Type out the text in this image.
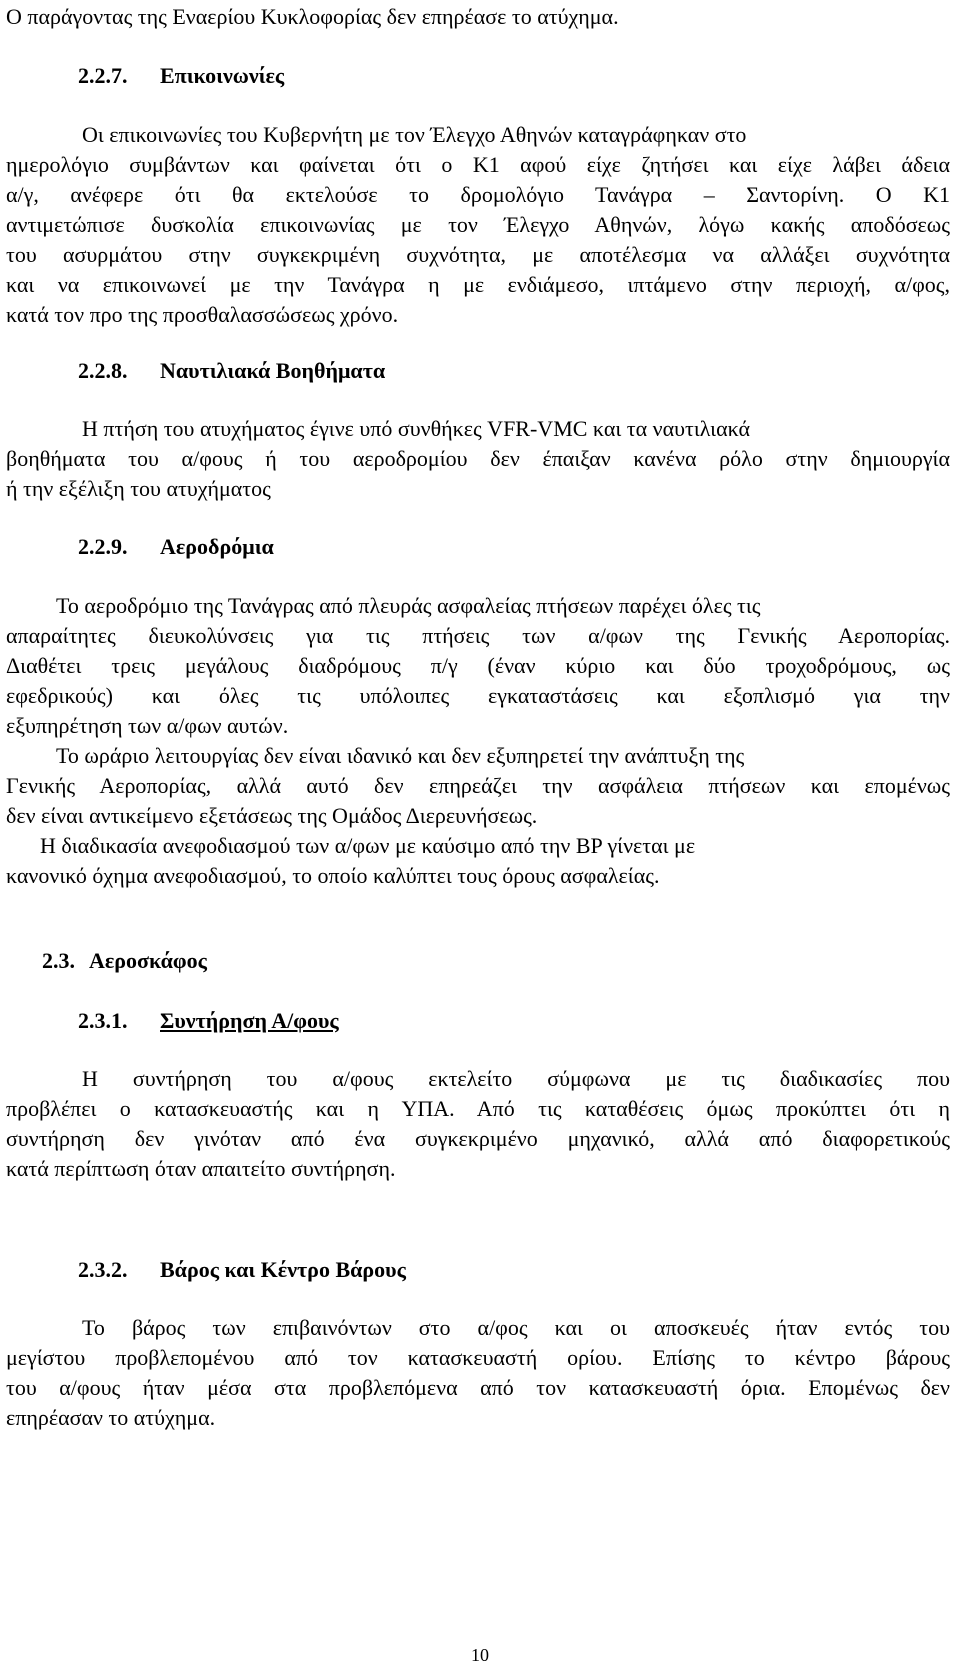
Ο παράγοντας της Εναερίου Κυκλοφορίας δεν επηρέασε το ατύχημα.
2.2.7. Επικοινωνίες
Οι επικοινωνίες του Κυβερνήτη με τον Έλεγχο Αθηνών καταγράφηκαν στο
ημερολόγιο συμβάντων και φαίνεται ότι ο Κ1 αφού είχε ζητήσει και είχε λάβει άδεια
α/γ, ανέφερε ότι θα εκτελούσε το δρομολόγιο Τανάγρα – Σαντορίνη. Ο Κ1
αντιμετώπισε δυσκολία επικοινωνίας με τον Έλεγχο Αθηνών, λόγω κακής αποδόσεως
του ασυρμάτου στην συγκεκριμένη συχνότητα, με αποτέλεσμα να αλλάξει συχνότητα
και να επικοινωνεί με την Τανάγρα η με ενδιάμεσο, ιπτάμενο στην περιοχή, α/φος,
κατά τον προ της προσθαλασσώσεως χρόνο.
2.2.8. Ναυτιλιακά Βοηθήματα
Η πτήση του ατυχήματος έγινε υπό συνθήκες VFR-VMC και τα ναυτιλιακά
βοηθήματα του α/φους ή του αεροδρομίου δεν έπαιξαν κανένα ρόλο στην δημιουργία
ή την εξέλιξη του ατυχήματος
2.2.9. Αεροδρόμια
Το αεροδρόμιο της Τανάγρας από πλευράς ασφαλείας πτήσεων παρέχει όλες τις
απαραίτητες διευκολύνσεις για τις πτήσεις των α/φων της Γενικής Αεροπορίας.
Διαθέτει τρεις μεγάλους διαδρόμους π/γ (έναν κύριο και δύο τροχοδρόμους, ως
εφεδρικούς) και όλες τις υπόλοιπες εγκαταστάσεις και εξοπλισμό για την
εξυπηρέτηση των α/φων αυτών.
Το ωράριο λειτουργίας δεν είναι ιδανικό και δεν εξυπηρετεί την ανάπτυξη της
Γενικής Αεροπορίας, αλλά αυτό δεν επηρεάζει την ασφάλεια πτήσεων και επομένως
δεν είναι αντικείμενο εξετάσεως της Ομάδος Διερευνήσεως.
Η διαδικασία ανεφοδιασμού των α/φων με καύσιμο από την BP γίνεται με
κανονικό όχημα ανεφοδιασμού, το οποίο καλύπτει τους όρους ασφαλείας.
2.3. Αεροσκάφος
2.3.1. Συντήρηση Α/φους
Η συντήρηση του α/φους εκτελείτο σύμφωνα με τις διαδικασίες που
προβλέπει ο κατασκευαστής και η ΥΠΑ. Από τις καταθέσεις όμως προκύπτει ότι η
συντήρηση δεν γινόταν από ένα συγκεκριμένο μηχανικό, αλλά από διαφορετικούς
κατά περίπτωση όταν απαιτείτο συντήρηση.
2.3.2. Βάρος και Κέντρο Βάρους
Το βάρος των επιβαινόντων στο α/φος και οι αποσκευές ήταν εντός του
μεγίστου προβλεπομένου από τον κατασκευαστή ορίου. Επίσης το κέντρο βάρους
του α/φους ήταν μέσα στα προβλεπόμενα από τον κατασκευαστή όρια. Επομένως δεν
επηρέασαν το ατύχημα.
10
